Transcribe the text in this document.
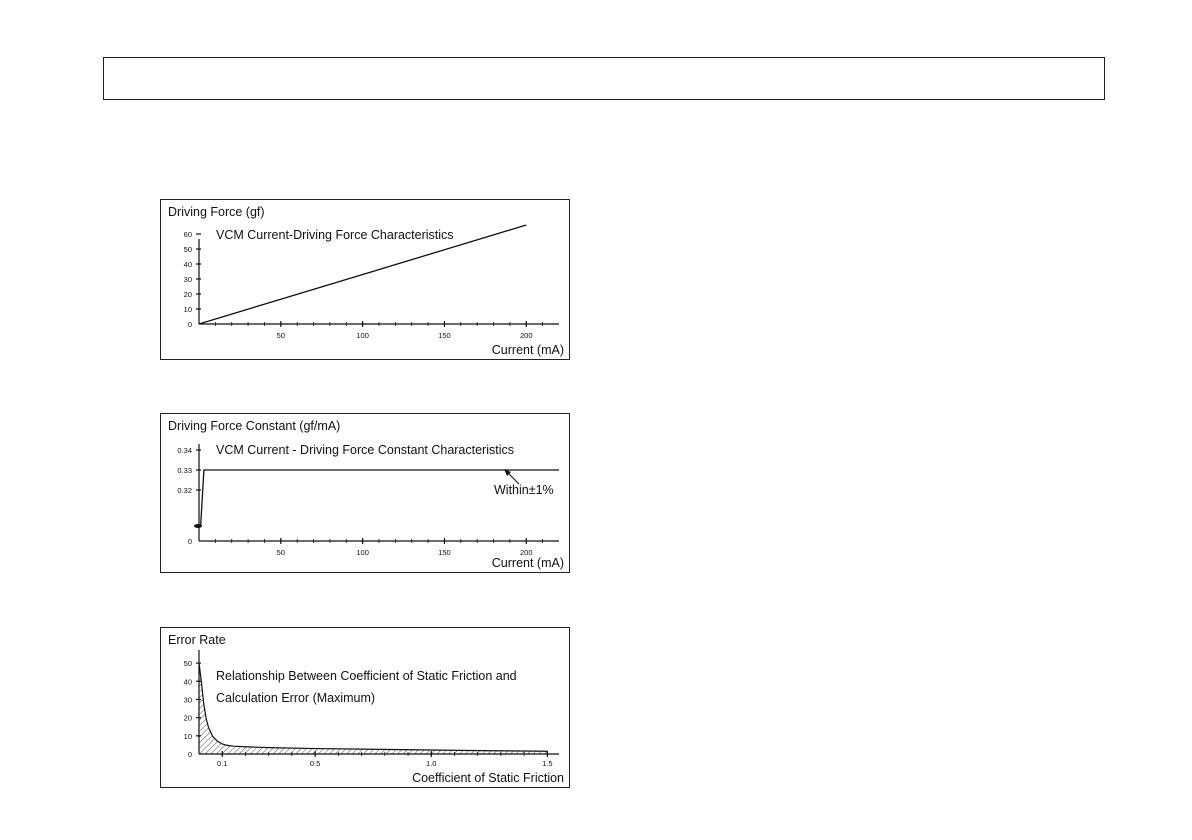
50	100	150	200
0
10
20
30
40
50
60
Driving Force (gf)
VCM Current-Driving Force Characteristics
Current (mA)
50	100	150	200
0
0.32
0.33
0.34
Driving Force Constant (gf/mA)
VCM Current - Driving Force Constant Characteristics
Within±1%
Current (mA)
0.1	0.5	1.0	1.5
0
10
20
30
40
50
Error Rate
Relationship Between Coefficient of Static Friction and
Calculation Error (Maximum)
Coefficient of Static Friction
